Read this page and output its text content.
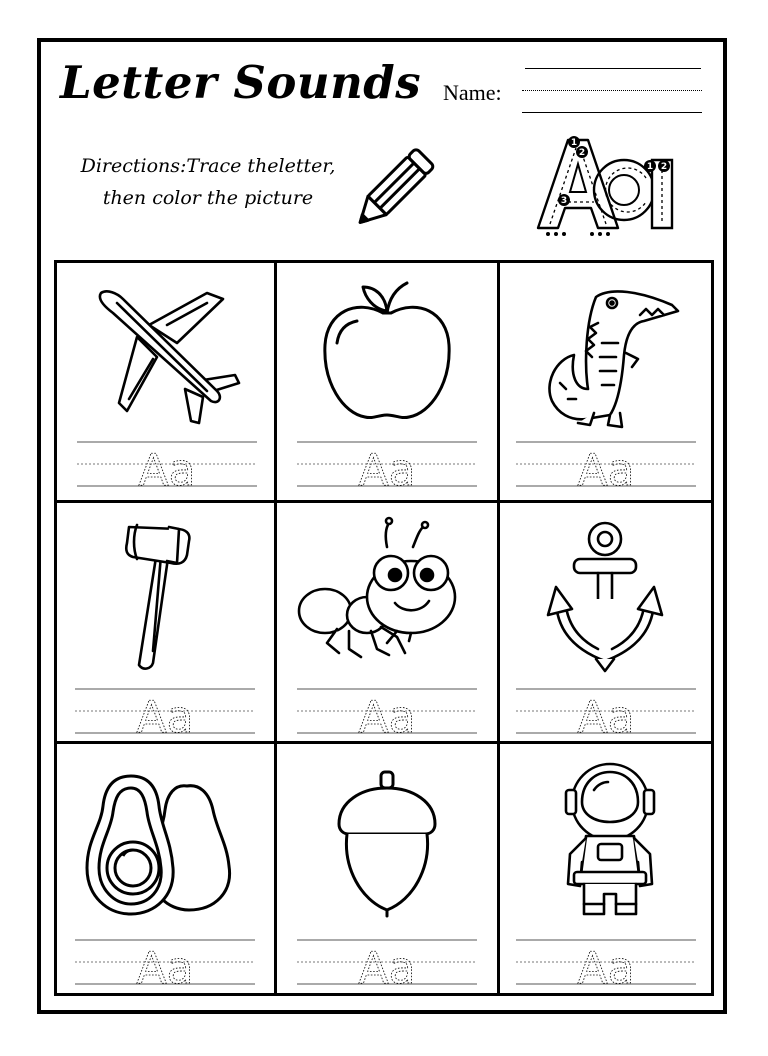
Letter Sounds Name:
Directions:Trace theletter,
then color the picture
1
2
3
1 2
Aa	Aa	Aa
Aa	Aa	Aa
Aa	Aa	Aa
